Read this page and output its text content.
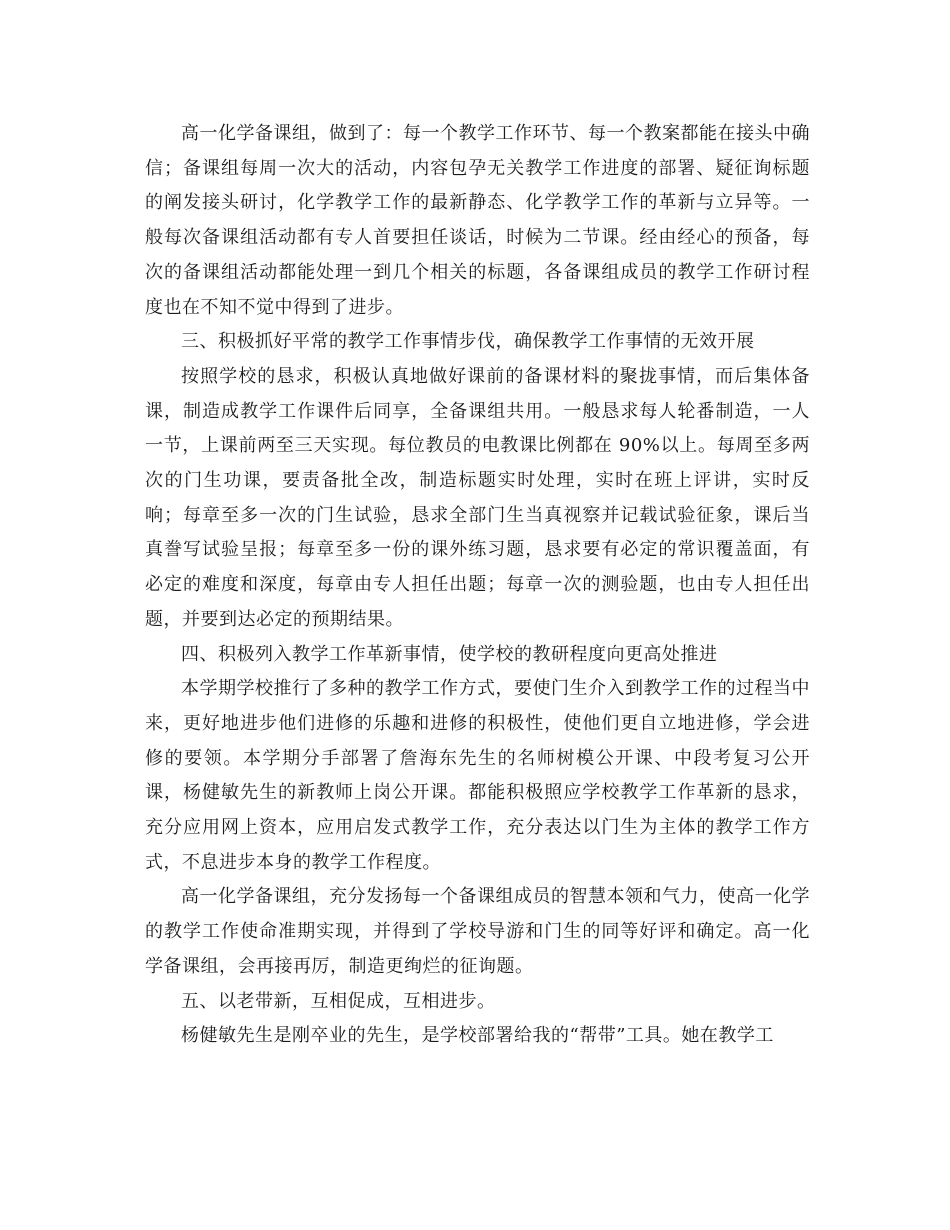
高一化学备课组，做到了：每一个教学工作环节、每一个教案都能在接头中确信；备课组每周一次大的活动，内容包孕无关教学工作进度的部署、疑征询标题的阐发接头研讨，化学教学工作的最新静态、化学教学工作的革新与立异等。一般每次备课组活动都有专人首要担任谈话，时候为二节课。经由经心的预备，每次的备课组活动都能处理一到几个相关的标题，各备课组成员的教学工作研讨程度也在不知不觉中得到了进步。

三、积极抓好平常的教学工作事情步伐，确保教学工作事情的无效开展

按照学校的恳求，积极认真地做好课前的备课材料的聚拢事情，而后集体备课，制造成教学工作课件后同享，全备课组共用。一般恳求每人轮番制造，一人一节，上课前两至三天实现。每位教员的电教课比例都在 90%以上。每周至多两次的门生功课，要责备批全改，制造标题实时处理，实时在班上评讲，实时反响；每章至多一次的门生试验，恳求全部门生当真视察并记载试验征象，课后当真誊写试验呈报；每章至多一份的课外练习题，恳求要有必定的常识覆盖面，有必定的难度和深度，每章由专人担任出题；每章一次的测验题，也由专人担任出题，并要到达必定的预期结果。

四、积极列入教学工作革新事情，使学校的教研程度向更高处推进

本学期学校推行了多种的教学工作方式，要使门生介入到教学工作的过程当中来，更好地进步他们进修的乐趣和进修的积极性，使他们更自立地进修，学会进修的要领。本学期分手部署了詹海东先生的名师树模公开课、中段考复习公开课，杨健敏先生的新教师上岗公开课。都能积极照应学校教学工作革新的恳求，充分应用网上资本，应用启发式教学工作，充分表达以门生为主体的教学工作方式，不息进步本身的教学工作程度。

高一化学备课组，充分发扬每一个备课组成员的智慧本领和气力，使高一化学的教学工作使命准期实现，并得到了学校导游和门生的同等好评和确定。高一化学备课组，会再接再厉，制造更绚烂的征询题。

五、以老带新，互相促成，互相进步。

杨健敏先生是刚卒业的先生，是学校部署给我的“帮带”工具。她在教学工
